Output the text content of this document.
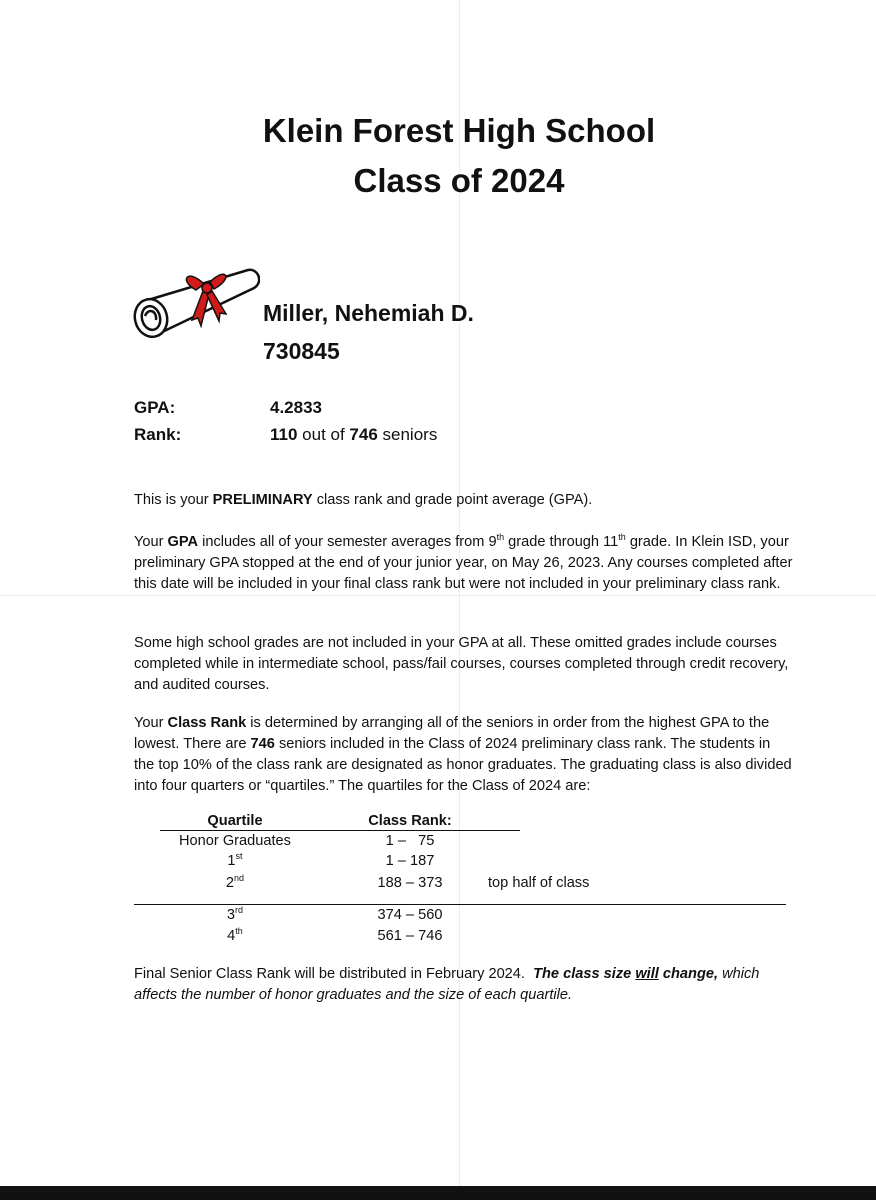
Klein Forest High School
Class of 2024
Miller, Nehemiah D.
730845
GPA:	4.2833
Rank:	110 out of 746 seniors
This is your PRELIMINARY class rank and grade point average (GPA).
Your GPA includes all of your semester averages from 9th grade through 11th grade. In Klein ISD, your preliminary GPA stopped at the end of your junior year, on May 26, 2023. Any courses completed after this date will be included in your final class rank but were not included in your preliminary class rank.
Some high school grades are not included in your GPA at all. These omitted grades include courses completed while in intermediate school, pass/fail courses, courses completed through credit recovery, and audited courses.
Your Class Rank is determined by arranging all of the seniors in order from the highest GPA to the lowest. There are 746 seniors included in the Class of 2024 preliminary class rank. The students in the top 10% of the class rank are designated as honor graduates. The graduating class is also divided into four quarters or “quartiles.” The quartiles for the Class of 2024 are:
Quartile	Class Rank:
Honor Graduates	1 –   75
1st	1 – 187
2nd	188 – 373	top half of class
3rd	374 – 560
4th	561 – 746
Final Senior Class Rank will be distributed in February 2024.  The class size will change, which affects the number of honor graduates and the size of each quartile.
